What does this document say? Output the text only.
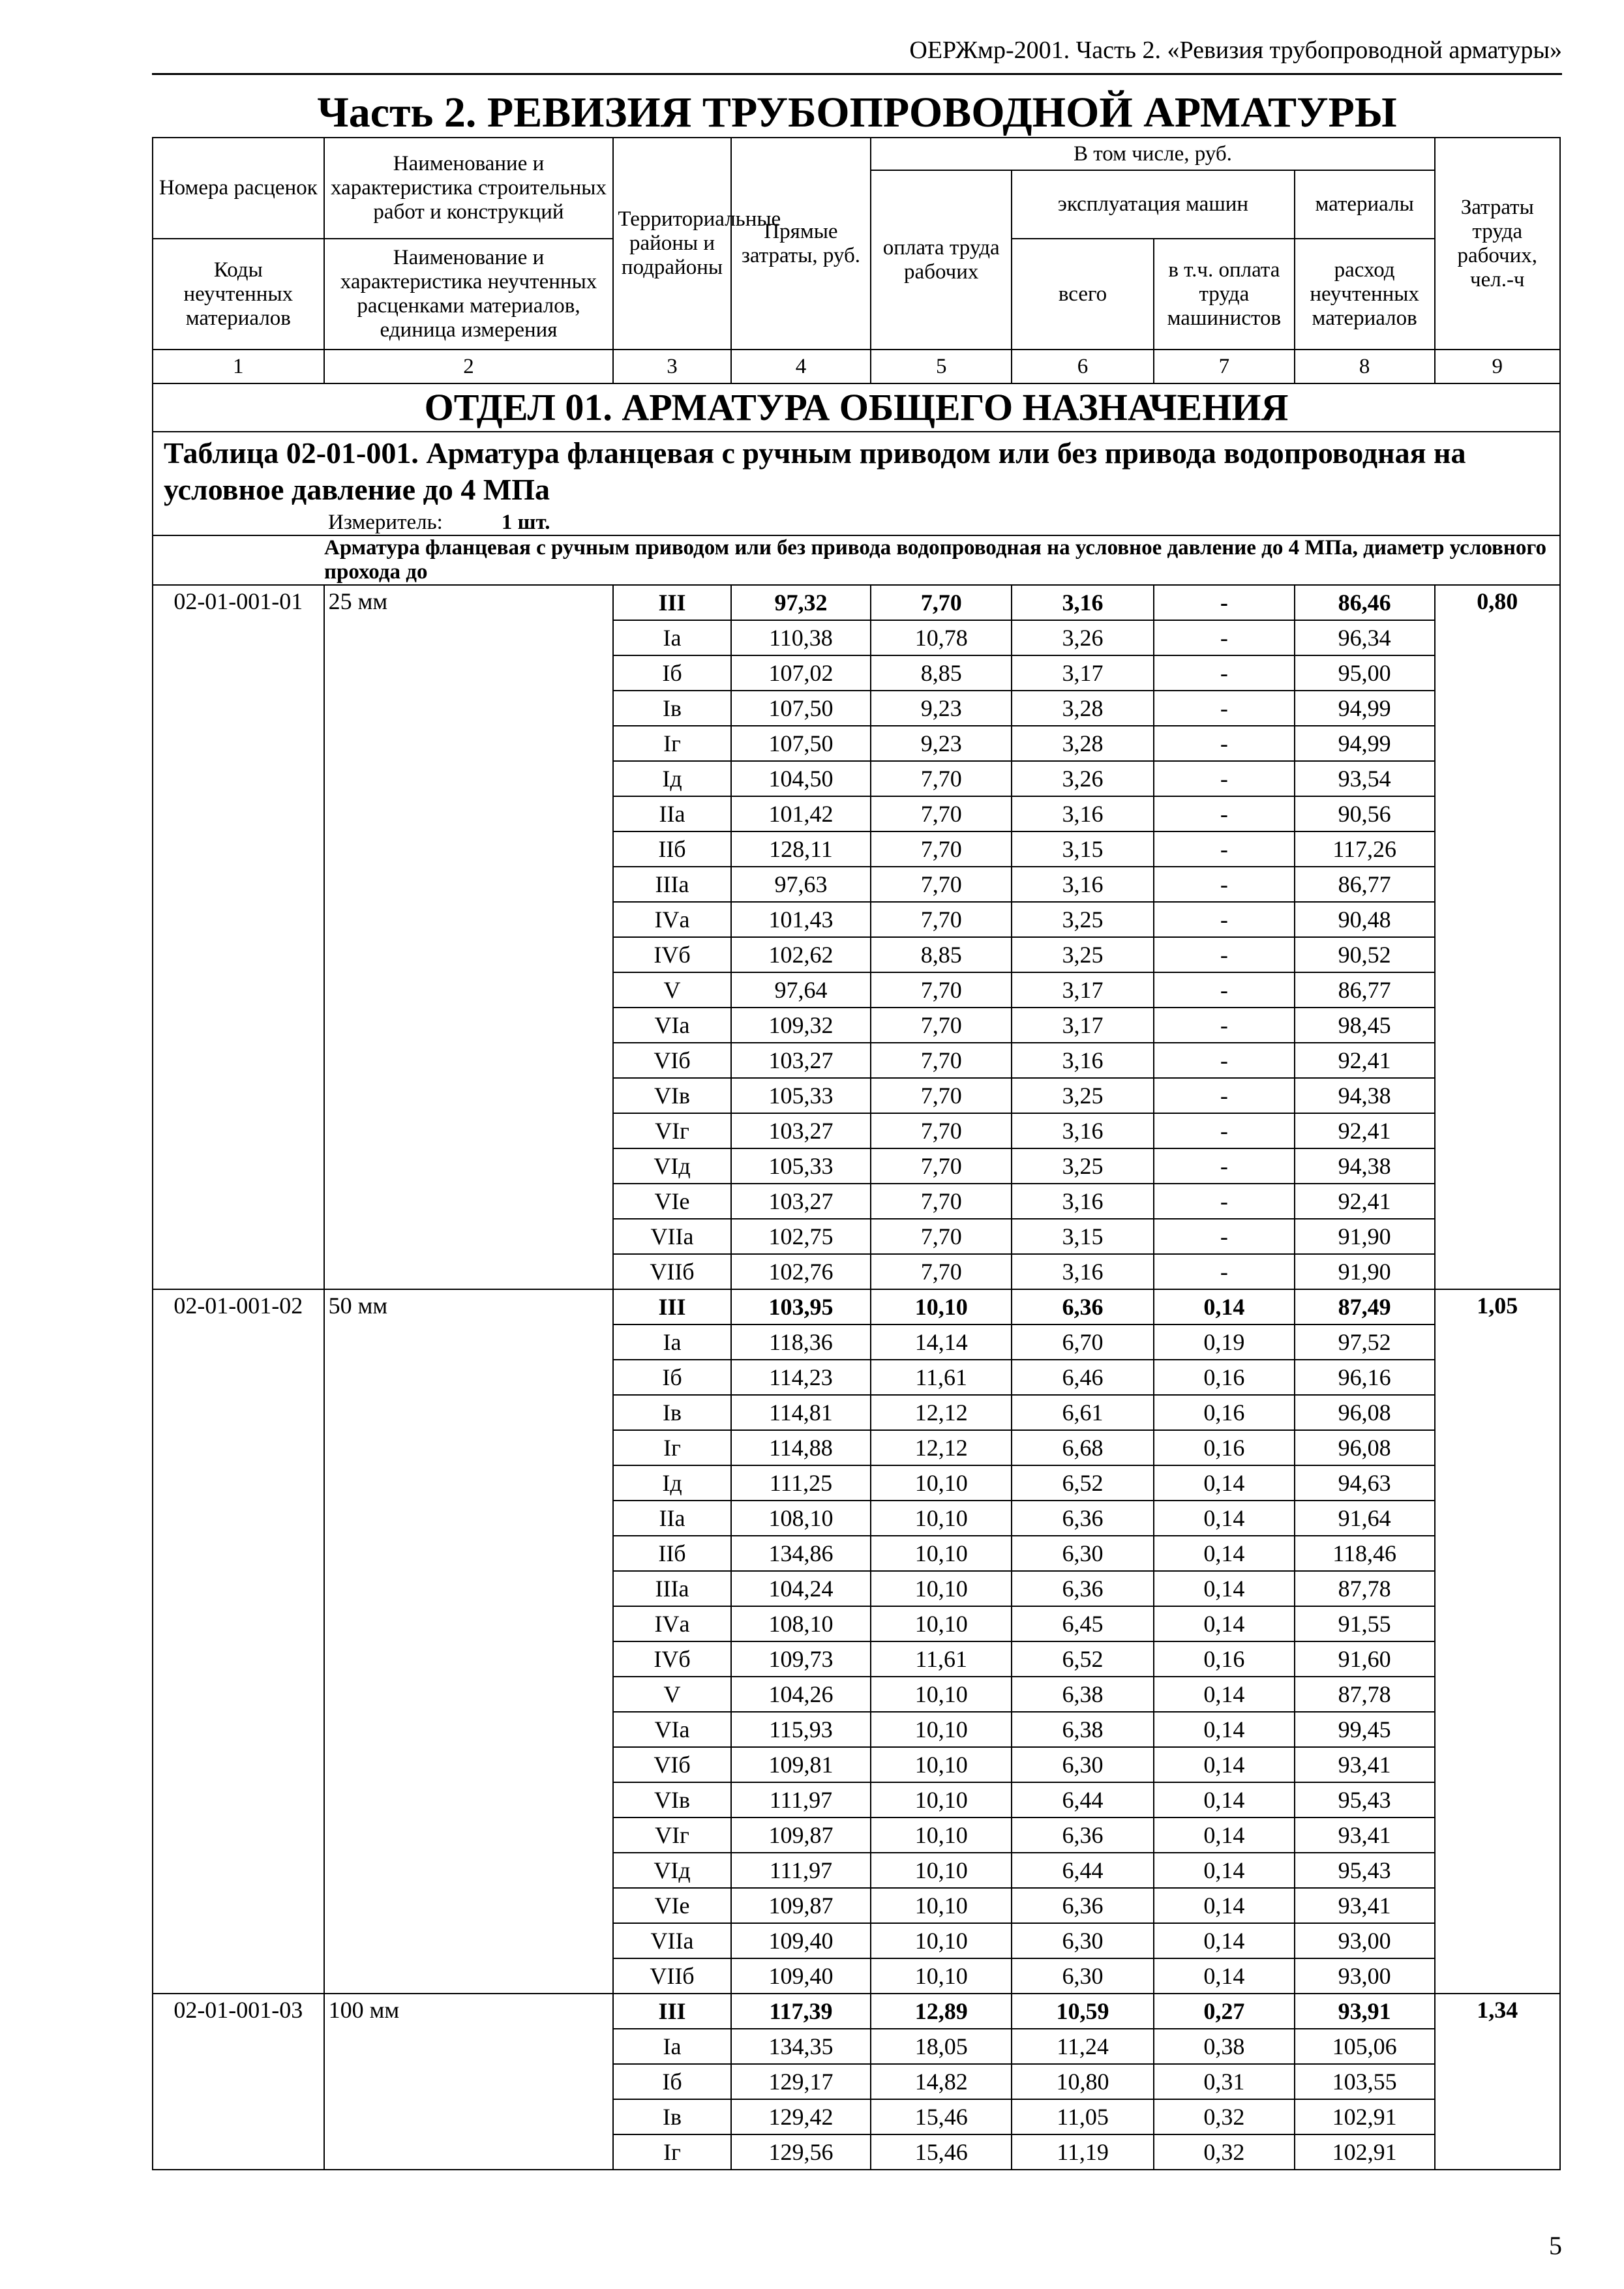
ОЕРЖмр-2001. Часть 2. «Ревизия трубопроводной арматуры»
Часть 2. РЕВИЗИЯ ТРУБОПРОВОДНОЙ АРМАТУРЫ
Номера расценок	Наименование и характеристика строительных работ и конструкций	Территориальные районы и подрайоны	Прямые затраты, руб.	В том числе, руб.				Затраты труда рабочих, чел.-ч
				оплата труда рабочих	эксплуатация машин		материалы	
Коды неучтенных материалов	Наименование и характеристика неучтенных расценками материалов, единица измерения				всего	в т.ч. оплата труда машинистов	расход неучтенных материалов	

1	2	3	4	5	6	7	8	9
ОТДЕЛ 01. АРМАТУРА ОБЩЕГО НАЗНАЧЕНИЯ								

Таблица 02-01-001. Арматура фланцевая с ручным приводом или без привода водопроводная на условное давление до 4 МПа
Измеритель: 1 шт.								

Арматура фланцевая с ручным приводом или без привода водопроводная на условное давление до 4 МПа, диаметр условного прохода до								
02-01-001-01	25 мм	III	97,32	7,70	3,16	-	86,46	0,80
		Iа	110,38	10,78	3,26	-	96,34	
		Iб	107,02	8,85	3,17	-	95,00	
		Iв	107,50	9,23	3,28	-	94,99	
		Iг	107,50	9,23	3,28	-	94,99	
		Iд	104,50	7,70	3,26	-	93,54	
		IIа	101,42	7,70	3,16	-	90,56	
		IIб	128,11	7,70	3,15	-	117,26	
		IIIа	97,63	7,70	3,16	-	86,77	
		IVа	101,43	7,70	3,25	-	90,48	
		IVб	102,62	8,85	3,25	-	90,52	
		V	97,64	7,70	3,17	-	86,77	
		VIа	109,32	7,70	3,17	-	98,45	
		VIб	103,27	7,70	3,16	-	92,41	
		VIв	105,33	7,70	3,25	-	94,38	
		VIг	103,27	7,70	3,16	-	92,41	
		VIд	105,33	7,70	3,25	-	94,38	
		VIе	103,27	7,70	3,16	-	92,41	
		VIIа	102,75	7,70	3,15	-	91,90	
		VIIб	102,76	7,70	3,16	-	91,90	
02-01-001-02	50 мм	III	103,95	10,10	6,36	0,14	87,49	1,05
		Iа	118,36	14,14	6,70	0,19	97,52	
		Iб	114,23	11,61	6,46	0,16	96,16	
		Iв	114,81	12,12	6,61	0,16	96,08	
		Iг	114,88	12,12	6,68	0,16	96,08	
		Iд	111,25	10,10	6,52	0,14	94,63	
		IIа	108,10	10,10	6,36	0,14	91,64	
		IIб	134,86	10,10	6,30	0,14	118,46	
		IIIа	104,24	10,10	6,36	0,14	87,78	
		IVа	108,10	10,10	6,45	0,14	91,55	
		IVб	109,73	11,61	6,52	0,16	91,60	
		V	104,26	10,10	6,38	0,14	87,78	
		VIа	115,93	10,10	6,38	0,14	99,45	
		VIб	109,81	10,10	6,30	0,14	93,41	
		VIв	111,97	10,10	6,44	0,14	95,43	
		VIг	109,87	10,10	6,36	0,14	93,41	
		VIд	111,97	10,10	6,44	0,14	95,43	
		VIе	109,87	10,10	6,36	0,14	93,41	
		VIIа	109,40	10,10	6,30	0,14	93,00	
		VIIб	109,40	10,10	6,30	0,14	93,00	
02-01-001-03	100 мм	III	117,39	12,89	10,59	0,27	93,91	1,34
		Iа	134,35	18,05	11,24	0,38	105,06	
		Iб	129,17	14,82	10,80	0,31	103,55	
		Iв	129,42	15,46	11,05	0,32	102,91	
		Iг	129,56	15,46	11,19	0,32	102,91	
5
